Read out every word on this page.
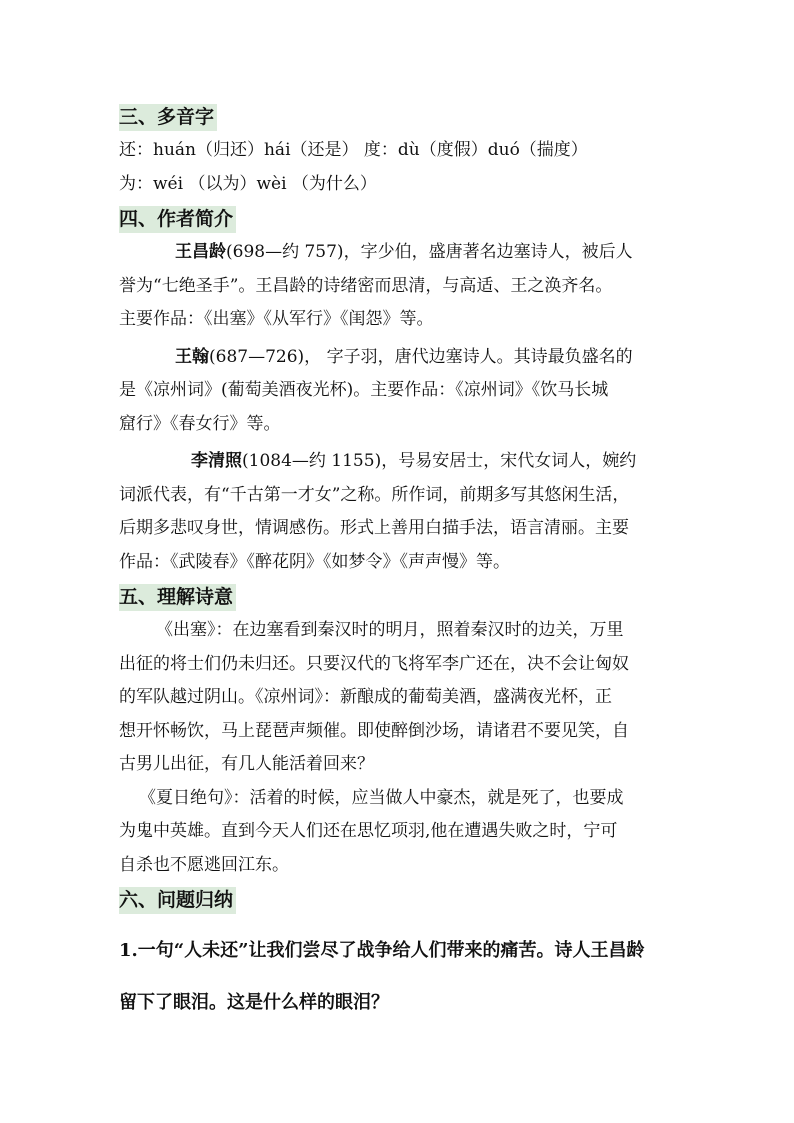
三、多音字

还：huán（归还）hái（还是） 度：dù（度假）duó（揣度）

为：wéi （以为）wèi （为什么）

四、作者简介

王昌龄(698—约 757)，字少伯，盛唐著名边塞诗人，被后人

誉为“七绝圣手”。王昌龄的诗绪密而思清，与高适、王之涣齐名。

主要作品：《出塞》《从军行》《闺怨》等。

王翰(687—726)， 字子羽，唐代边塞诗人。其诗最负盛名的

是《凉州词》(葡萄美酒夜光杯)。主要作品：《凉州词》《饮马长城

窟行》《春女行》等。

李清照(1084—约 1155)，号易安居士，宋代女词人，婉约

词派代表，有“千古第一才女”之称。所作词，前期多写其悠闲生活，

后期多悲叹身世，情调感伤。形式上善用白描手法，语言清丽。主要

作品：《武陵春》《醉花阴》《如梦令》《声声慢》等。

五、理解诗意

《出塞》：在边塞看到秦汉时的明月，照着秦汉时的边关，万里

出征的将士们仍未归还。只要汉代的飞将军李广还在，决不会让匈奴

的军队越过阴山。《凉州词》：新酿成的葡萄美酒，盛满夜光杯，正

想开怀畅饮，马上琵琶声频催。即使醉倒沙场，请诸君不要见笑，自

古男儿出征，有几人能活着回来？

《夏日绝句》：活着的时候，应当做人中豪杰，就是死了，也要成

为鬼中英雄。直到今天人们还在思忆项羽,他在遭遇失败之时，宁可

自杀也不愿逃回江东。

六、问题归纳

1.一句“人未还”让我们尝尽了战争给人们带来的痛苦。诗人王昌龄

留下了眼泪。这是什么样的眼泪？
